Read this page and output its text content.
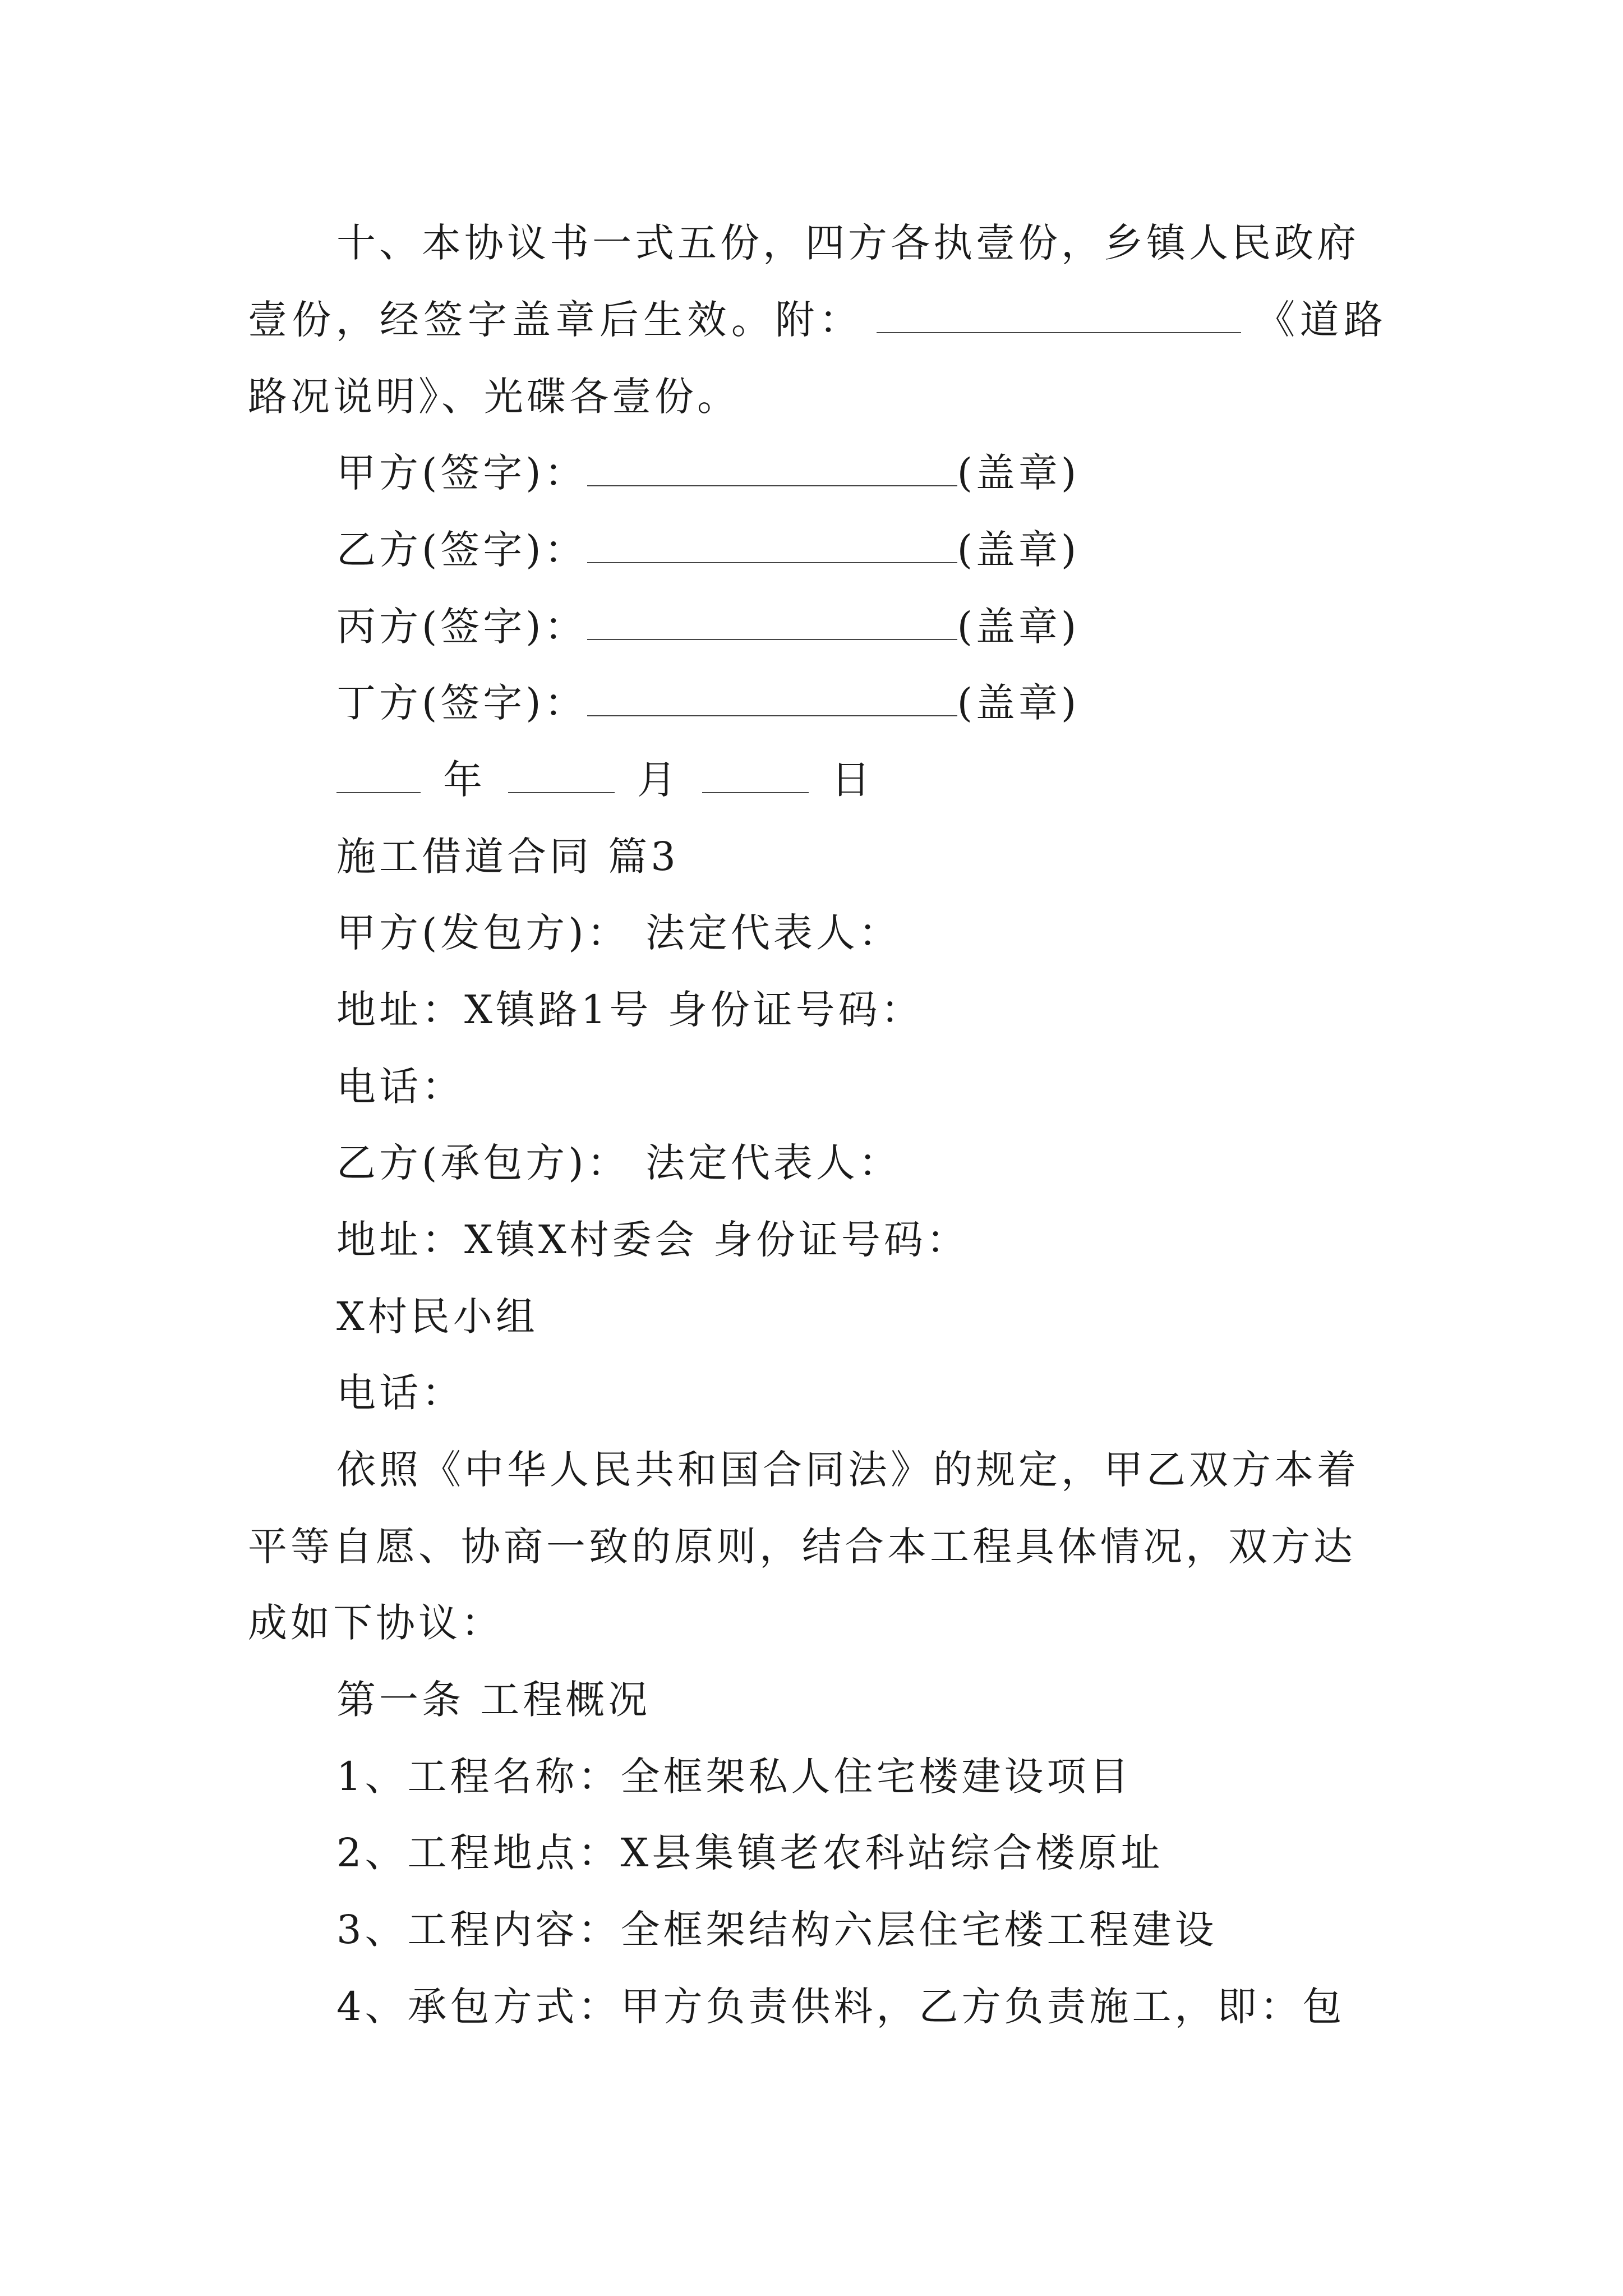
十、本协议书一式五份，四方各执壹份，乡镇人民政府
壹份，经签字盖章后生效。附：	《道路
路况说明》、光碟各壹份。
甲方(签字)：	(盖章)
乙方(签字)：	(盖章)
丙方(签字)：	(盖章)
丁方(签字)：	(盖章)
年	月	日
施工借道合同 篇3
甲方(发包方)： 法定代表人：
地址：X镇路1号 身份证号码：
电话：
乙方(承包方)： 法定代表人：
地址：X镇X村委会 身份证号码：
X村民小组
电话：
依照《中华人民共和国合同法》的规定，甲乙双方本着
平等自愿、协商一致的原则，结合本工程具体情况，双方达
成如下协议：
第一条 工程概况
1、工程名称：全框架私人住宅楼建设项目
2、工程地点：X县集镇老农科站综合楼原址
3、工程内容：全框架结构六层住宅楼工程建设
4、承包方式：甲方负责供料，乙方负责施工，即：包
